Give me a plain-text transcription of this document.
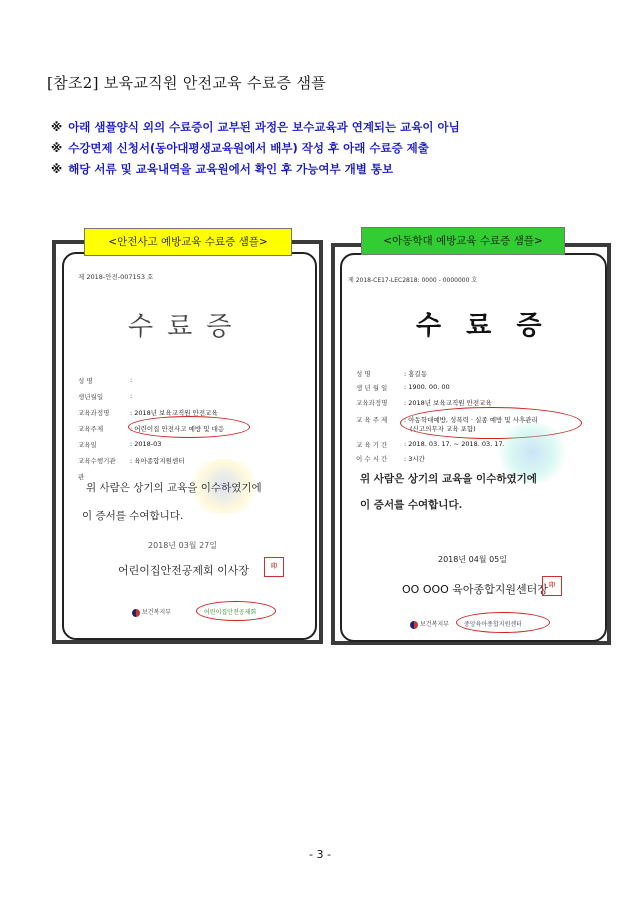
[참조2] 보육교직원 안전교육 수료증 샘플
※ 아래 샘플양식 외의 수료증이 교부된 과정은 보수교육과 연계되는 교육이 아님
※ 수강면제 신청서(동아대평생교육원에서 배부) 작성 후 아래 수료증 제출
※ 해당 서류 및 교육내역을 교육원에서 확인 후 가능여부 개별 통보
제 2018-안전-007153 호
수료증
성 명	:
생년월일	:
교육과정명	: 2018년 보육교직원 안전교육
교육주제	: 어린이집 안전사고 예방 및 대응
교육일	: 2018-03
교육수행기관 : 육아종합지원센터
관
위 사람은 상기의 교육을 이수하였기에
이 증서를 수여합니다.
2018년 03월 27일
어린이집안전공제회 이사장	印
보건복지부	어린이집안전공제회
<안전사고 예방교육 수료증 샘플>
제 2018-CE17-LEC2818: 0000 - 0000000 호
수 료 증
성 명	: 홍길동
생 년 월 일	: 1900. 00. 00
교육과정명	: 2018년 보육교직원 안전교육
교 육 주 제	: 아동학대예방, 성폭력 · 실종 예방 및 사후관리
(신고의무자 교육 포함)
교 육 기 간	: 2018. 03. 17. ~ 2018. 03. 17.
이 수 시 간	: 3시간
위 사람은 상기의 교육을 이수하였기에
이 증서를 수여합니다.
2018년 04월 05일
OO OOO 육아종합지원센터장 印
보건복지부	중앙육아종합지원센터
<아동학대 예방교육 수료증 샘플>
- 3 -
